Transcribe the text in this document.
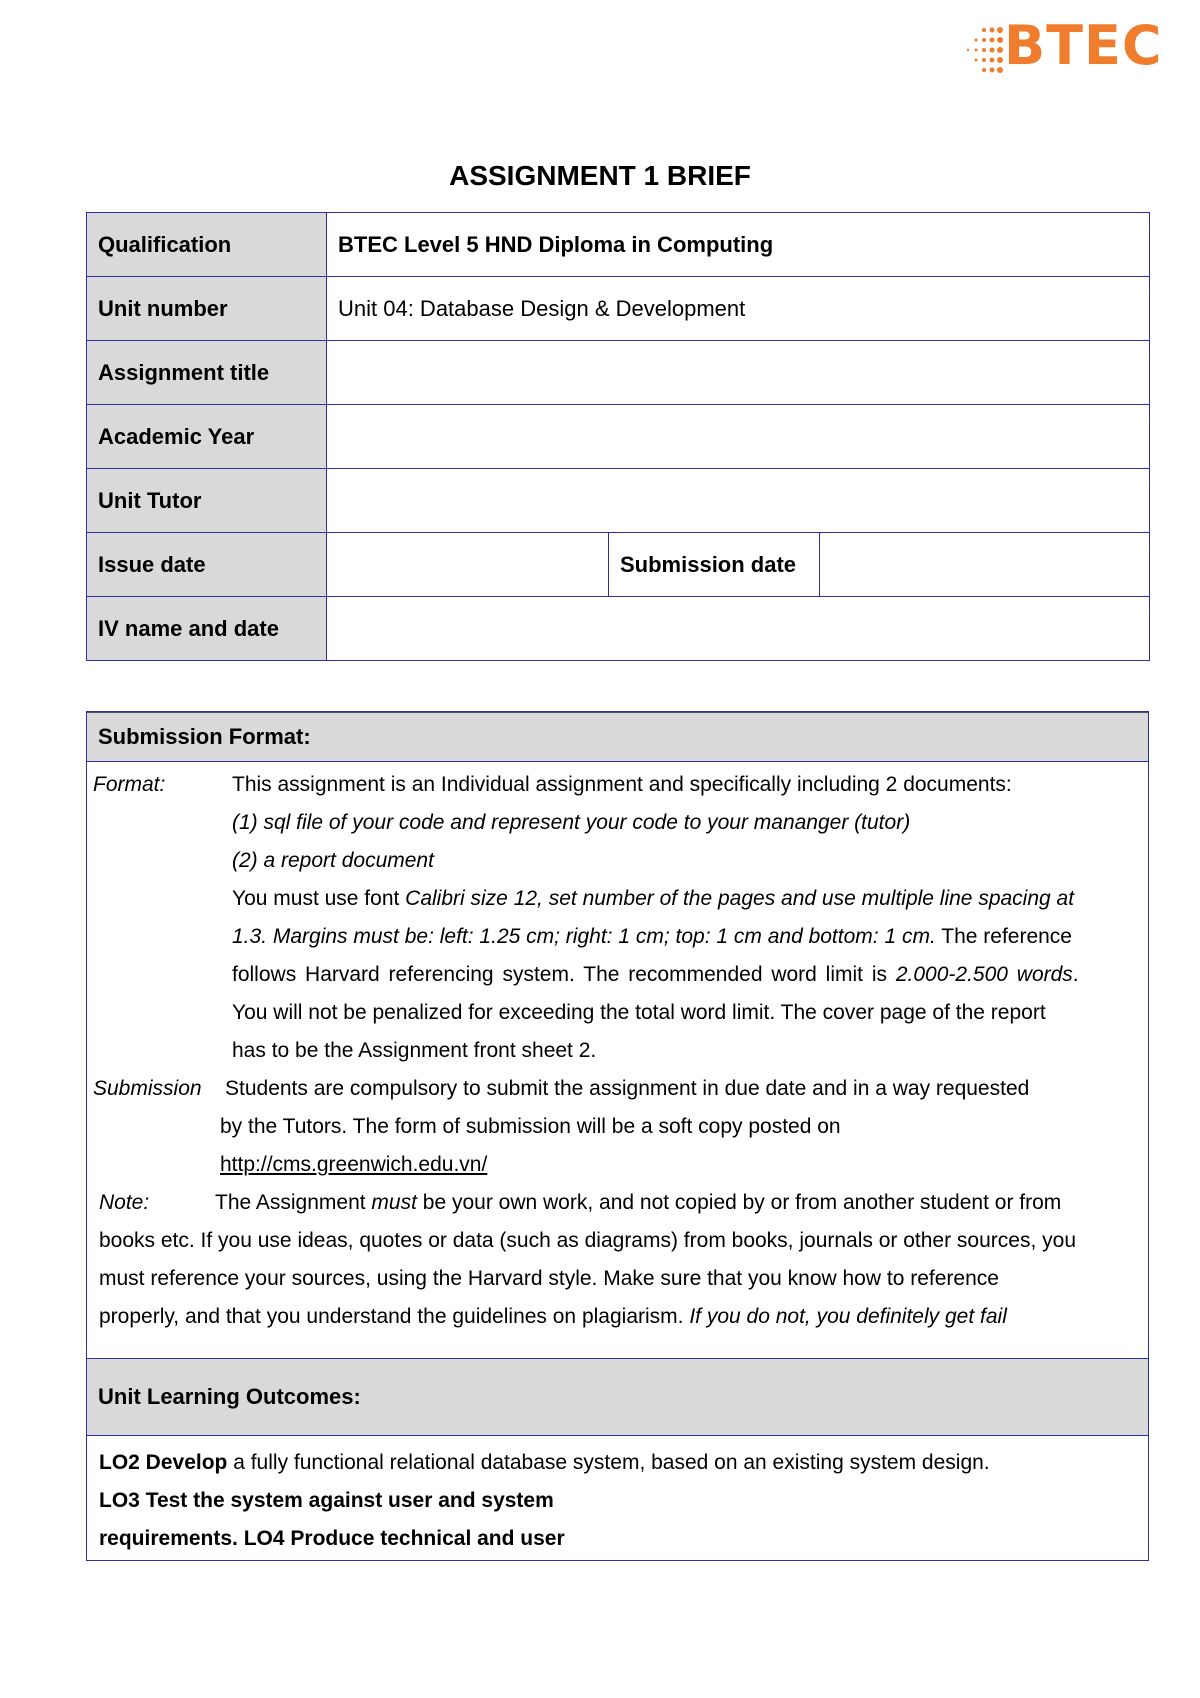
BTEC
ASSIGNMENT 1 BRIEF
Qualification	BTEC Level 5 HND Diploma in Computing		
Unit number	Unit 04: Database Design & Development		
Assignment title			
Academic Year			
Unit Tutor			
Issue date		Submission date	
IV name and date			
Submission Format:
Format:	This assignment is an Individual assignment and specifically including 2 documents:
(1) sql file of your code and represent your code to your mananger (tutor)
(2) a report document
You must use font Calibri size 12, set number of the pages and use multiple line spacing at
1.3. Margins must be: left: 1.25 cm; right: 1 cm; top: 1 cm and bottom: 1 cm. The reference
follows Harvard referencing system. The recommended word limit is 2.000-2.500 words.
You will not be penalized for exceeding the total word limit. The cover page of the report
has to be the Assignment front sheet 2.
Submission Students are compulsory to submit the assignment in due date and in a way requested
by the Tutors. The form of submission will be a soft copy posted on
http://cms.greenwich.edu.vn/
Note:	The Assignment must be your own work, and not copied by or from another student or from
books etc. If you use ideas, quotes or data (such as diagrams) from books, journals or other sources, you
must reference your sources, using the Harvard style. Make sure that you know how to reference
properly, and that you understand the guidelines on plagiarism. If you do not, you definitely get fail
Unit Learning Outcomes:
LO2 Develop a fully functional relational database system, based on an existing system design.
LO3 Test the system against user and system
requirements. LO4 Produce technical and user
